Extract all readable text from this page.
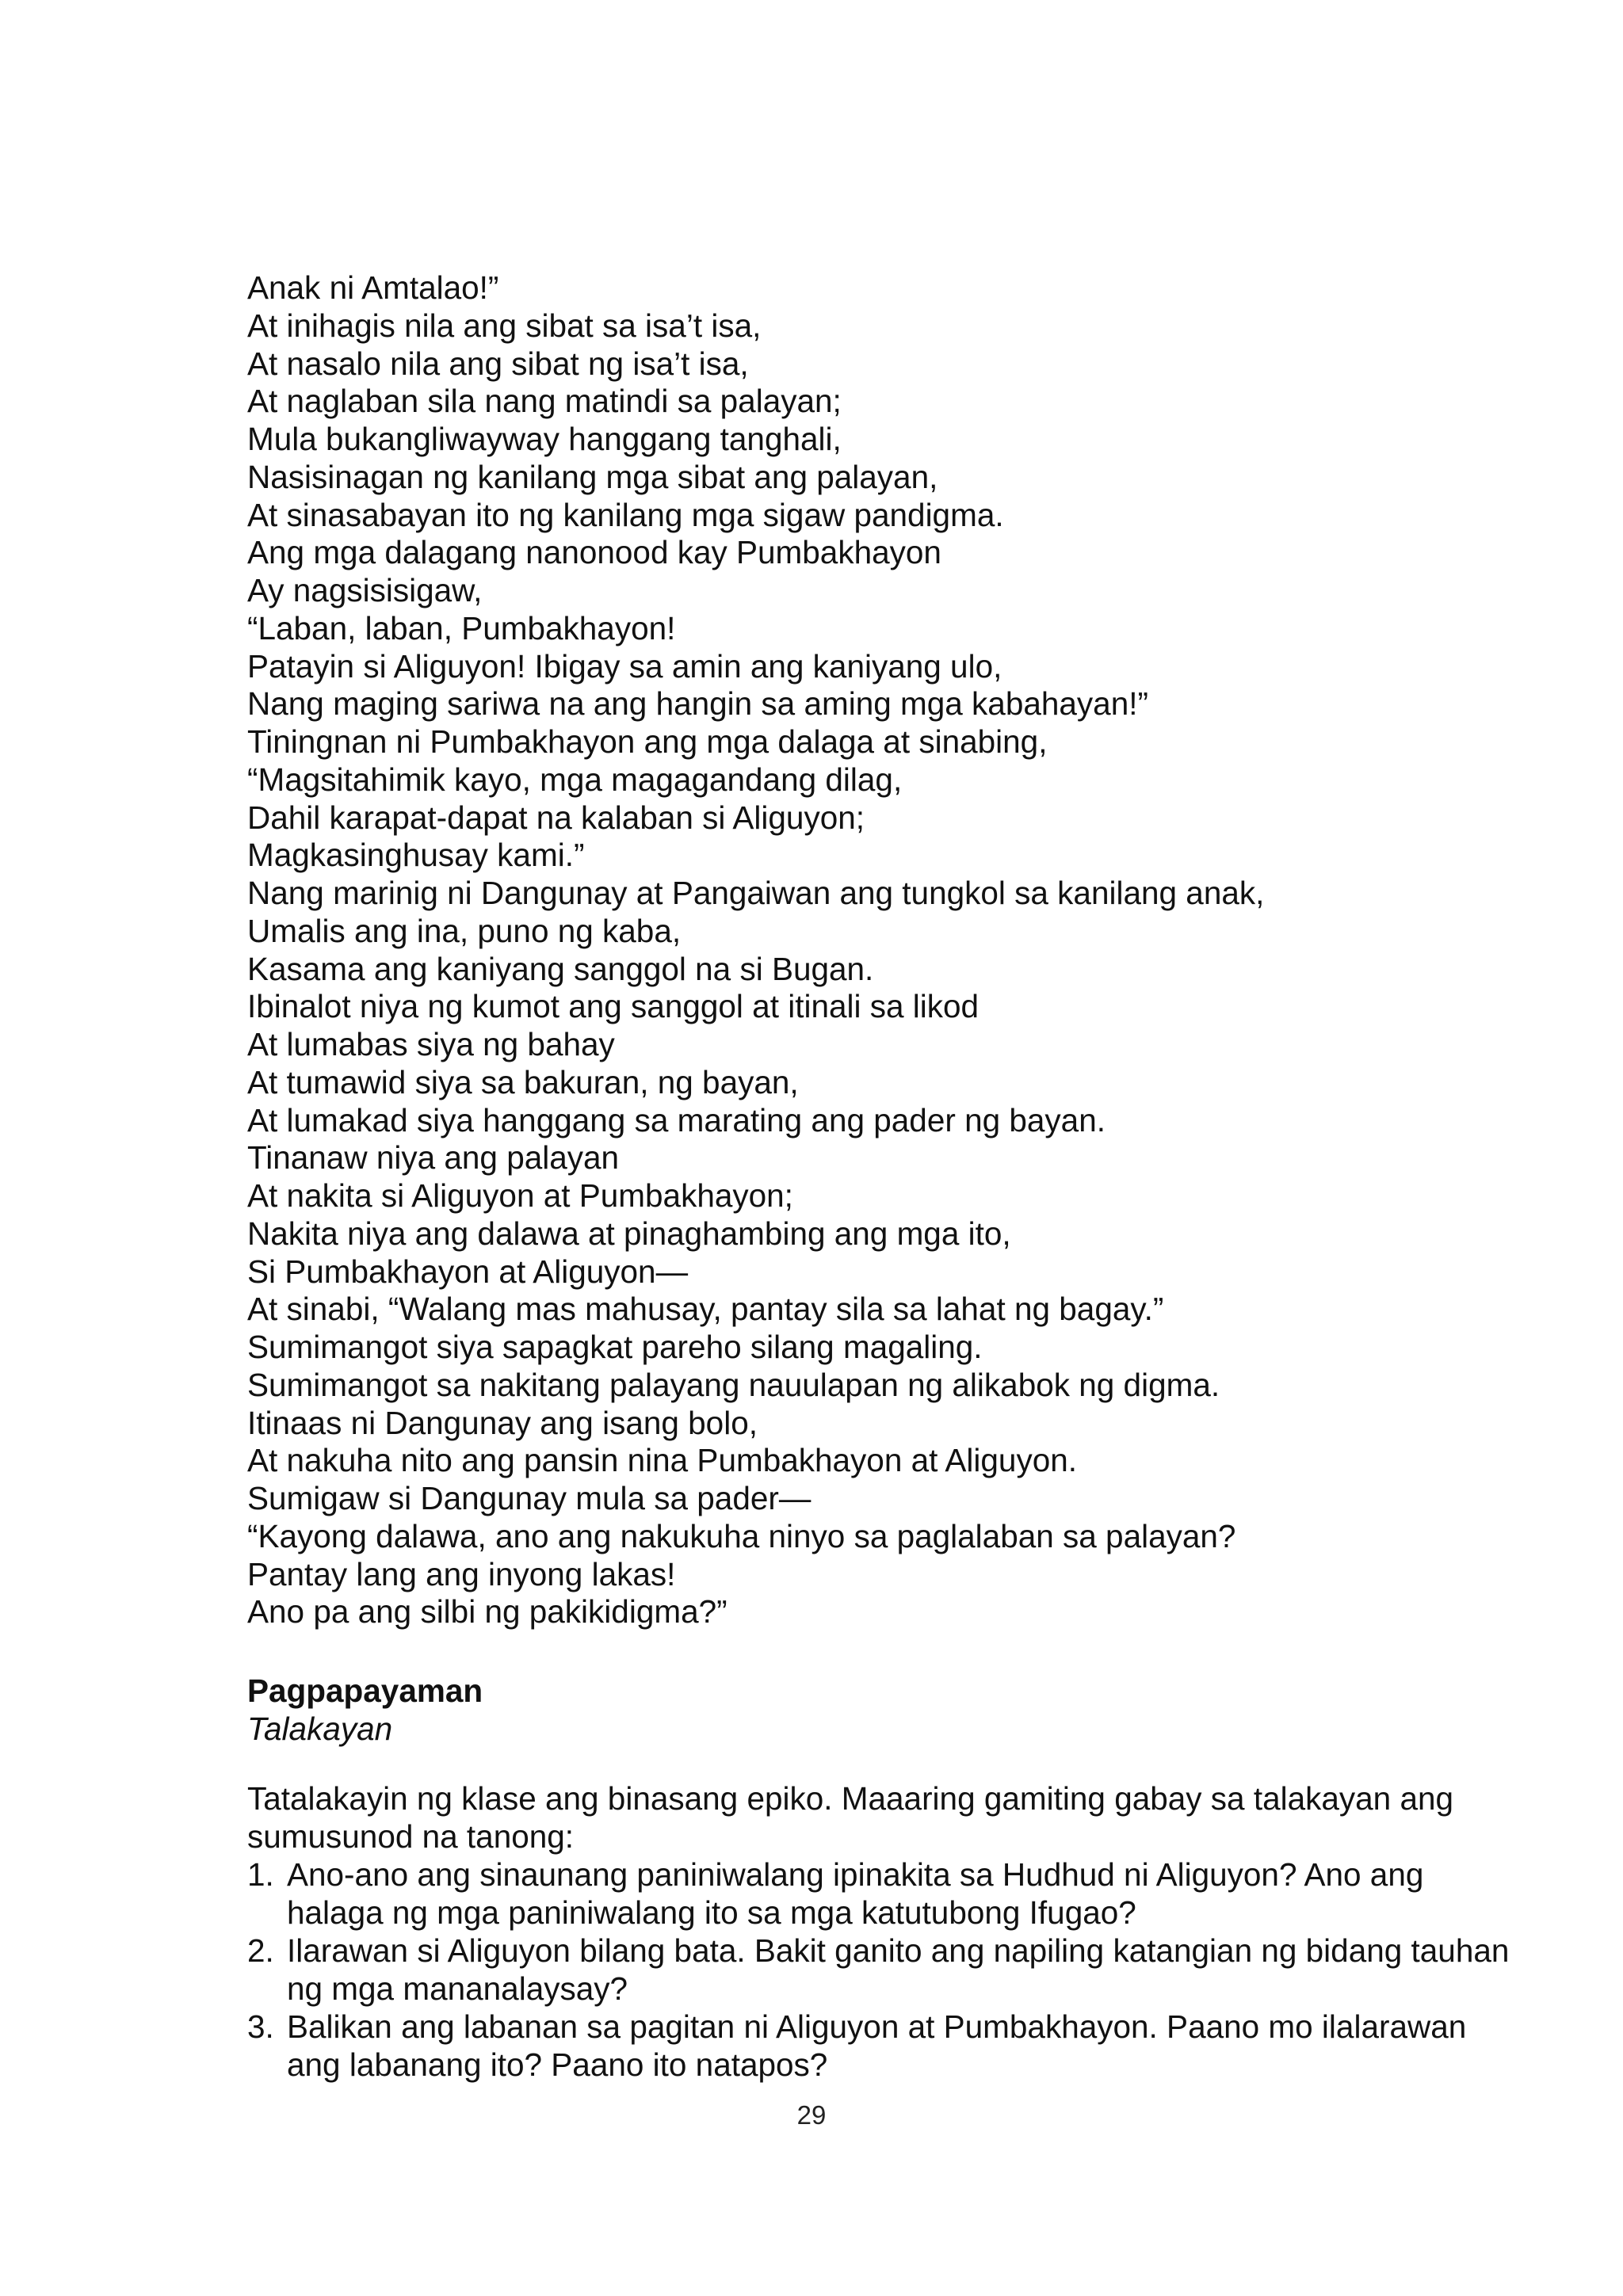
Anak ni Amtalao!”
At inihagis nila ang sibat sa isa’t isa,
At nasalo nila ang sibat ng isa’t isa,
At naglaban sila nang matindi sa palayan;
Mula bukangliwayway hanggang tanghali,
Nasisinagan ng kanilang mga sibat ang palayan,
At sinasabayan ito ng kanilang mga sigaw pandigma.
Ang mga dalagang nanonood kay Pumbakhayon
Ay nagsisisigaw,
“Laban, laban, Pumbakhayon!
Patayin si Aliguyon! Ibigay sa amin ang kaniyang ulo,
Nang maging sariwa na ang hangin sa aming mga kabahayan!”
Tiningnan ni Pumbakhayon ang mga dalaga at sinabing,
“Magsitahimik kayo, mga magagandang dilag,
Dahil karapat-dapat na kalaban si Aliguyon;
Magkasinghusay kami.”
Nang marinig ni Dangunay at Pangaiwan ang tungkol sa kanilang anak,
Umalis ang ina, puno ng kaba,
Kasama ang kaniyang sanggol na si Bugan.
Ibinalot niya ng kumot ang sanggol at itinali sa likod
At lumabas siya ng bahay
At tumawid siya sa bakuran, ng bayan,
At lumakad siya hanggang sa marating ang pader ng bayan.
Tinanaw niya ang palayan
At nakita si Aliguyon at Pumbakhayon;
Nakita niya ang dalawa at pinaghambing ang mga ito,
Si Pumbakhayon at Aliguyon—
At sinabi, “Walang mas mahusay, pantay sila sa lahat ng bagay.”
Sumimangot siya sapagkat pareho silang magaling.
Sumimangot sa nakitang palayang nauulapan ng alikabok ng digma.
Itinaas ni Dangunay ang isang bolo,
At nakuha nito ang pansin nina Pumbakhayon at Aliguyon.
Sumigaw si Dangunay mula sa pader—
“Kayong dalawa, ano ang nakukuha ninyo sa paglalaban sa palayan?
Pantay lang ang inyong lakas!
Ano pa ang silbi ng pakikidigma?”
Pagpapayaman
Talakayan
Tatalakayin ng klase ang binasang epiko. Maaaring gamiting gabay sa talakayan ang sumusunod na tanong:
1. Ano-ano ang sinaunang paniniwalang ipinakita sa Hudhud ni Aliguyon? Ano ang halaga ng mga paniniwalang ito sa mga katutubong Ifugao?
2. Ilarawan si Aliguyon bilang bata. Bakit ganito ang napiling katangian ng bidang tauhan ng mga mananalaysay?
3. Balikan ang labanan sa pagitan ni Aliguyon at Pumbakhayon. Paano mo ilalarawan ang labanang ito? Paano ito natapos?
29
